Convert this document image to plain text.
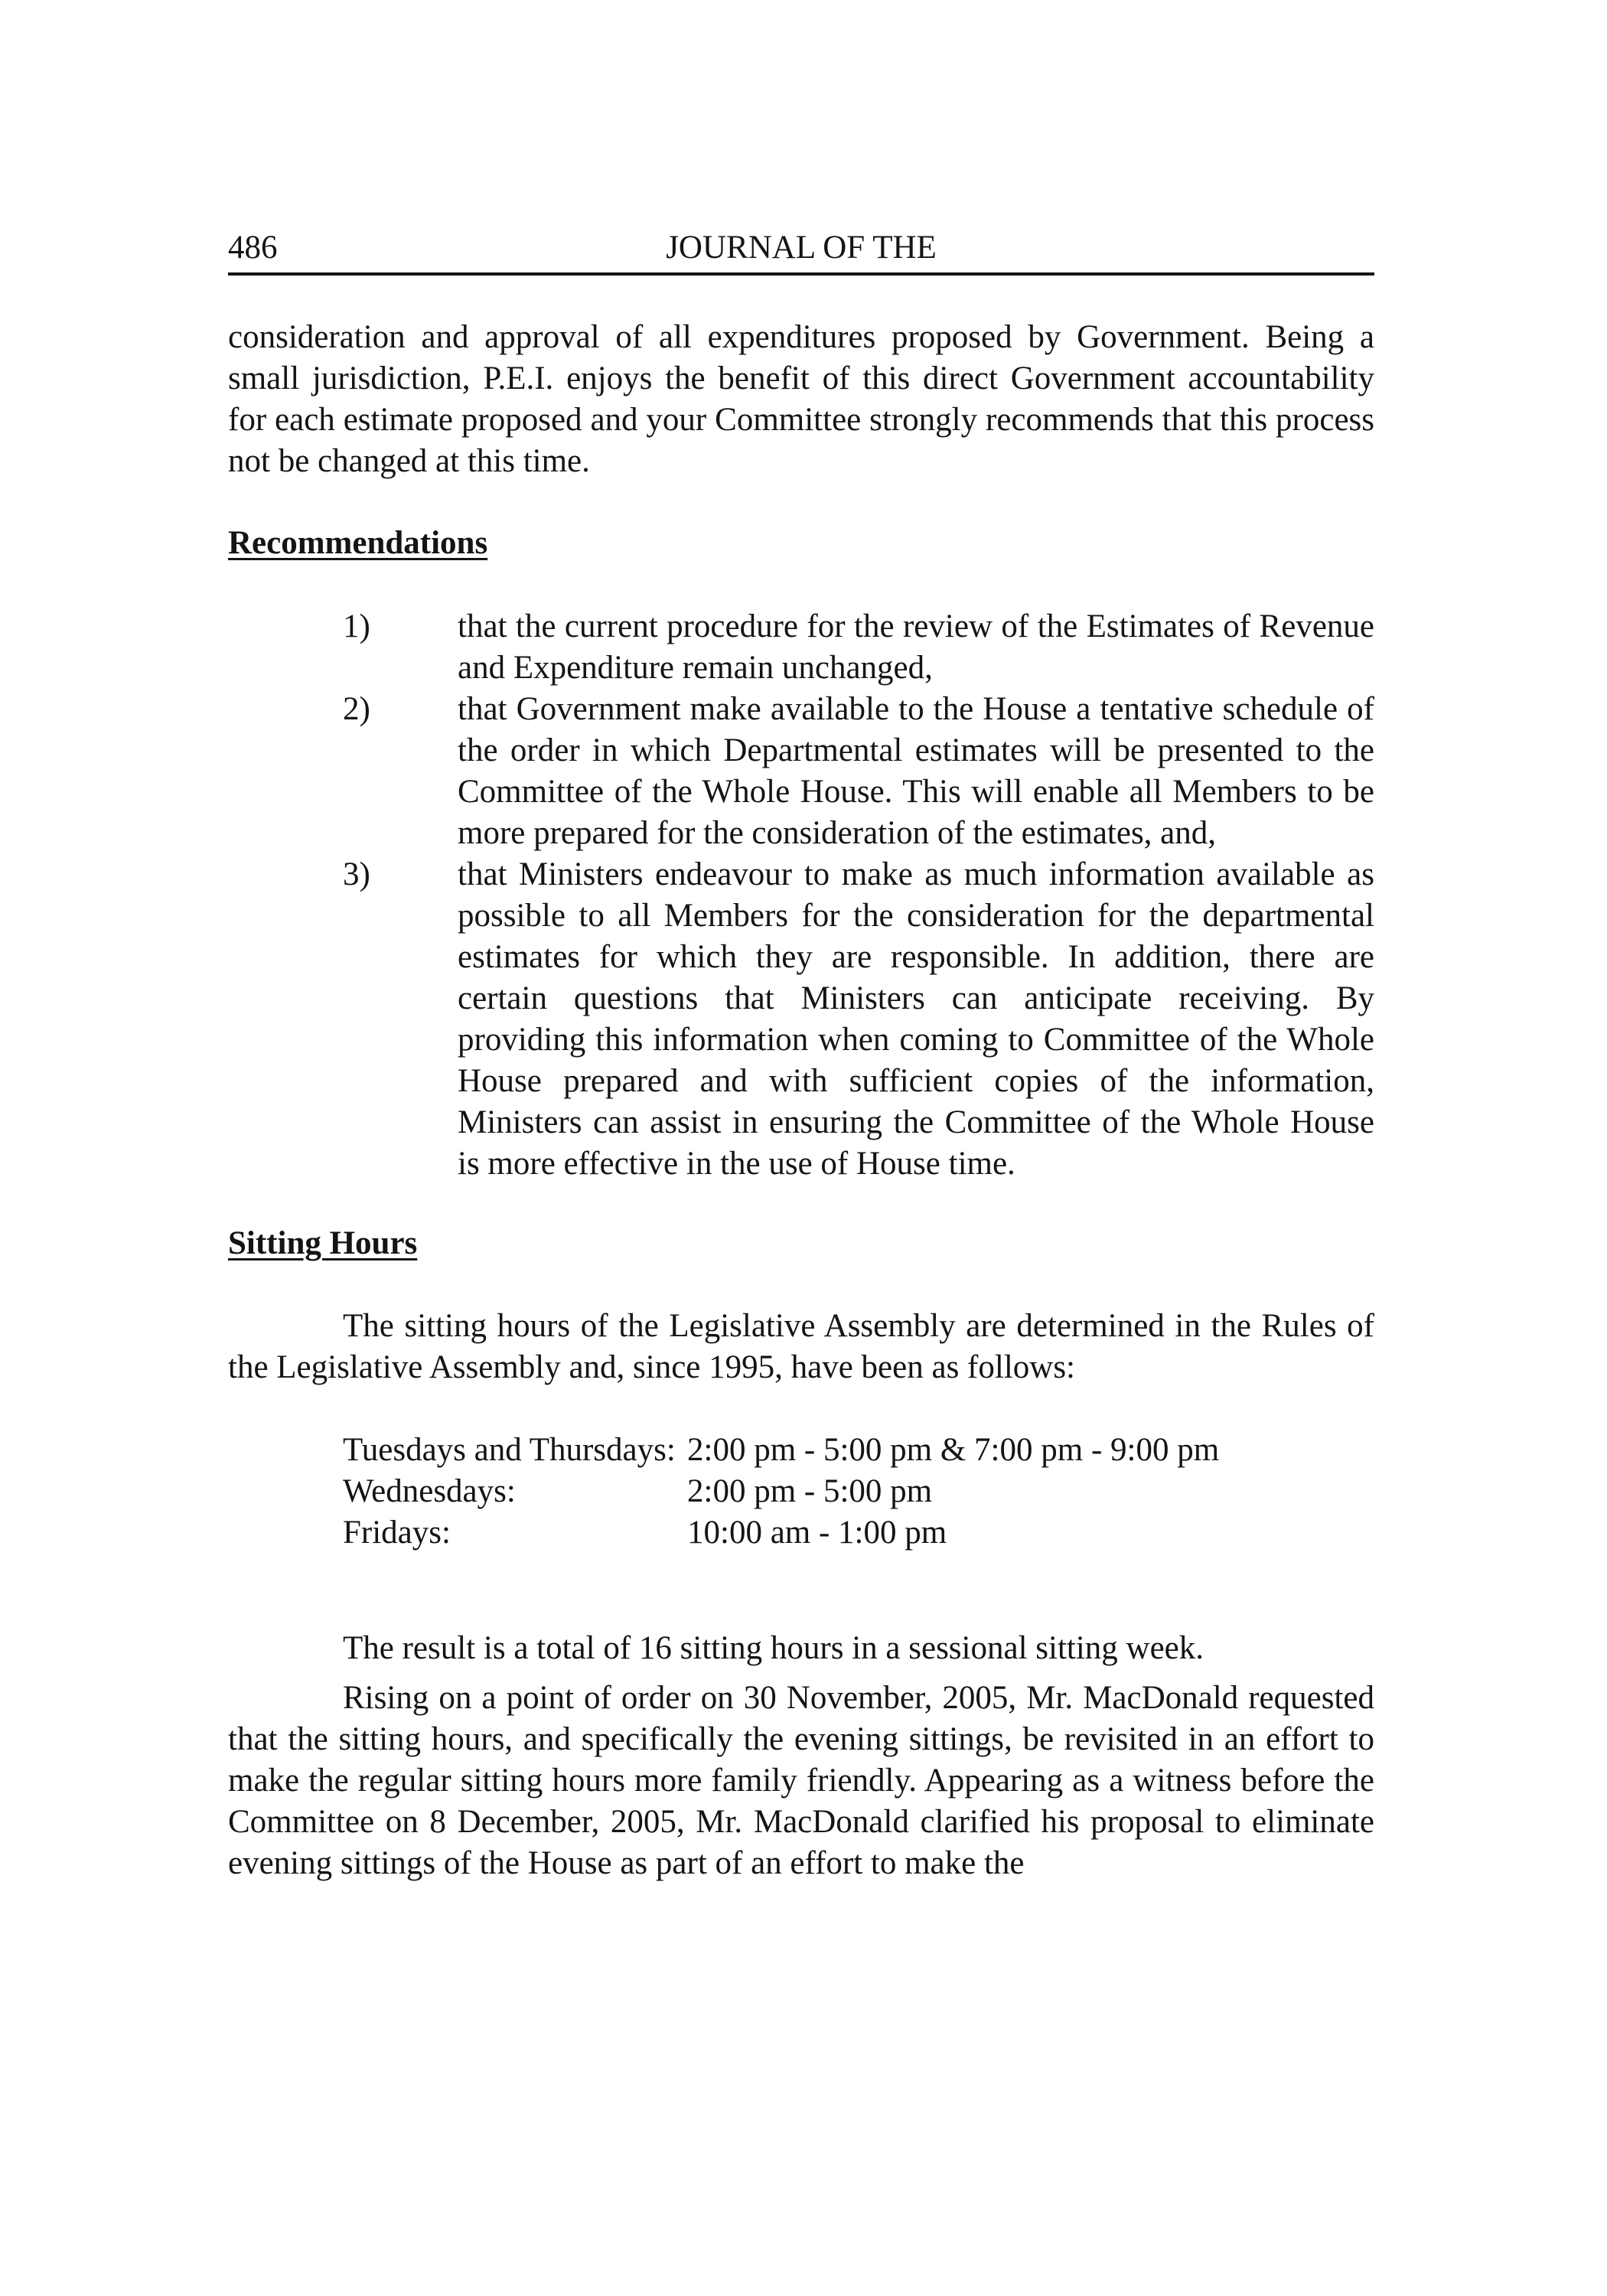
486	JOURNAL OF THE

consideration and approval of all expenditures proposed by Government. Being a small jurisdiction, P.E.I. enjoys the benefit of this direct Government accountability for each estimate proposed and your Committee strongly recommends that this process not be changed at this time.

Recommendations
1)	that the current procedure for the review of the Estimates of Revenue and Expenditure remain unchanged,

2)	that Government make available to the House a tentative schedule of the order in which Departmental estimates will be presented to the Committee of the Whole House. This will enable all Members to be more prepared for the consideration of the estimates, and,

3)	that Ministers endeavour to make as much information available as possible to all Members for the consideration for the departmental estimates for which they are responsible. In addition, there are certain questions that Ministers can anticipate receiving. By providing this information when coming to Committee of the Whole House prepared and with sufficient copies of the information, Ministers can assist in ensuring the Committee of the Whole House is more effective in the use of House time.

Sitting Hours

The sitting hours of the Legislative Assembly are determined in the Rules of the Legislative Assembly and, since 1995, have been as follows:

Tuesdays and Thursdays: 2:00 pm - 5:00 pm & 7:00 pm - 9:00 pm
Wednesdays:	2:00 pm - 5:00 pm
Fridays:	10:00 am - 1:00 pm

The result is a total of 16 sitting hours in a sessional sitting week.

Rising on a point of order on 30 November, 2005, Mr. MacDonald requested that the sitting hours, and specifically the evening sittings, be revisited in an effort to make the regular sitting hours more family friendly. Appearing as a witness before the Committee on 8 December, 2005, Mr. MacDonald clarified his proposal to eliminate evening sittings of the House as part of an effort to make the
